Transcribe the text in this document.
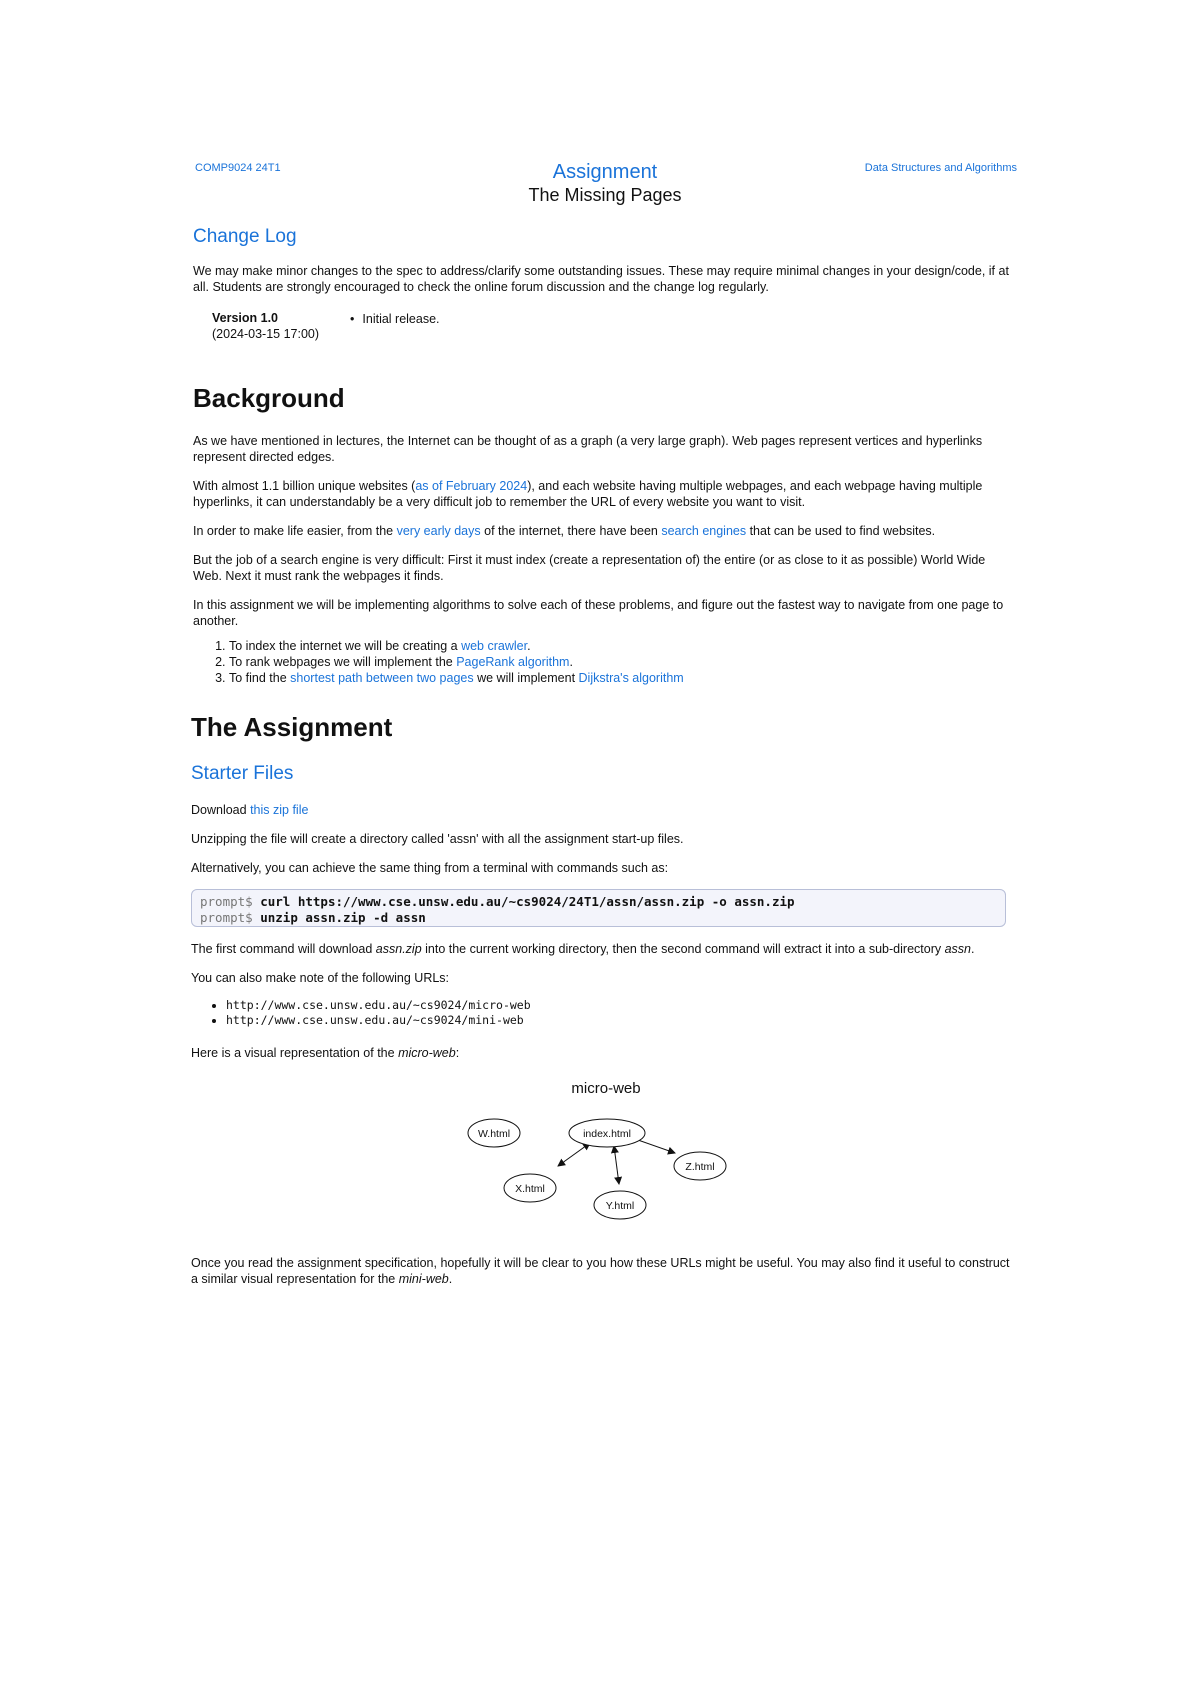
COMP9024 24T1	Assignment
The Missing Pages
Data Structures and Algorithms
Change Log

We may make minor changes to the spec to address/clarify some outstanding issues. These may require minimal changes in your design/code, if at all. Students are strongly encouraged to check the online forum discussion and the change log regularly.

Version 1.0
(2024-03-15 17:00)
• Initial release.
Background

As we have mentioned in lectures, the Internet can be thought of as a graph (a very large graph). Web pages represent vertices and hyperlinks represent directed edges.

With almost 1.1 billion unique websites (as of February 2024), and each website having multiple webpages, and each webpage having multiple hyperlinks, it can understandably be a very difficult job to remember the URL of every website you want to visit.

In order to make life easier, from the very early days of the internet, there have been search engines that can be used to find websites.

But the job of a search engine is very difficult: First it must index (create a representation of) the entire (or as close to it as possible) World Wide Web. Next it must rank the webpages it finds.

In this assignment we will be implementing algorithms to solve each of these problems, and figure out the fastest way to navigate from one page to another.

1. To index the internet we will be creating a web crawler.
2. To rank webpages we will implement the PageRank algorithm.
3. To find the shortest path between two pages we will implement Dijkstra's algorithm
The Assignment
Starter Files

Download this zip file

Unzipping the file will create a directory called 'assn' with all the assignment start-up files.

Alternatively, you can achieve the same thing from a terminal with commands such as:

prompt$ curl https://www.cse.unsw.edu.au/~cs9024/24T1/assn/assn.zip -o assn.zip
prompt$ unzip assn.zip -d assn

The first command will download assn.zip into the current working directory, then the second command will extract it into a sub-directory assn.

You can also make note of the following URLs:

• http://www.cse.unsw.edu.au/~cs9024/micro-web
• http://www.cse.unsw.edu.au/~cs9024/mini-web

Here is a visual representation of the micro-web:

micro-web
W.html	index.html
X.html
Y.html
Z.html

Once you read the assignment specification, hopefully it will be clear to you how these URLs might be useful. You may also find it useful to construct a similar visual representation for the mini-web.
